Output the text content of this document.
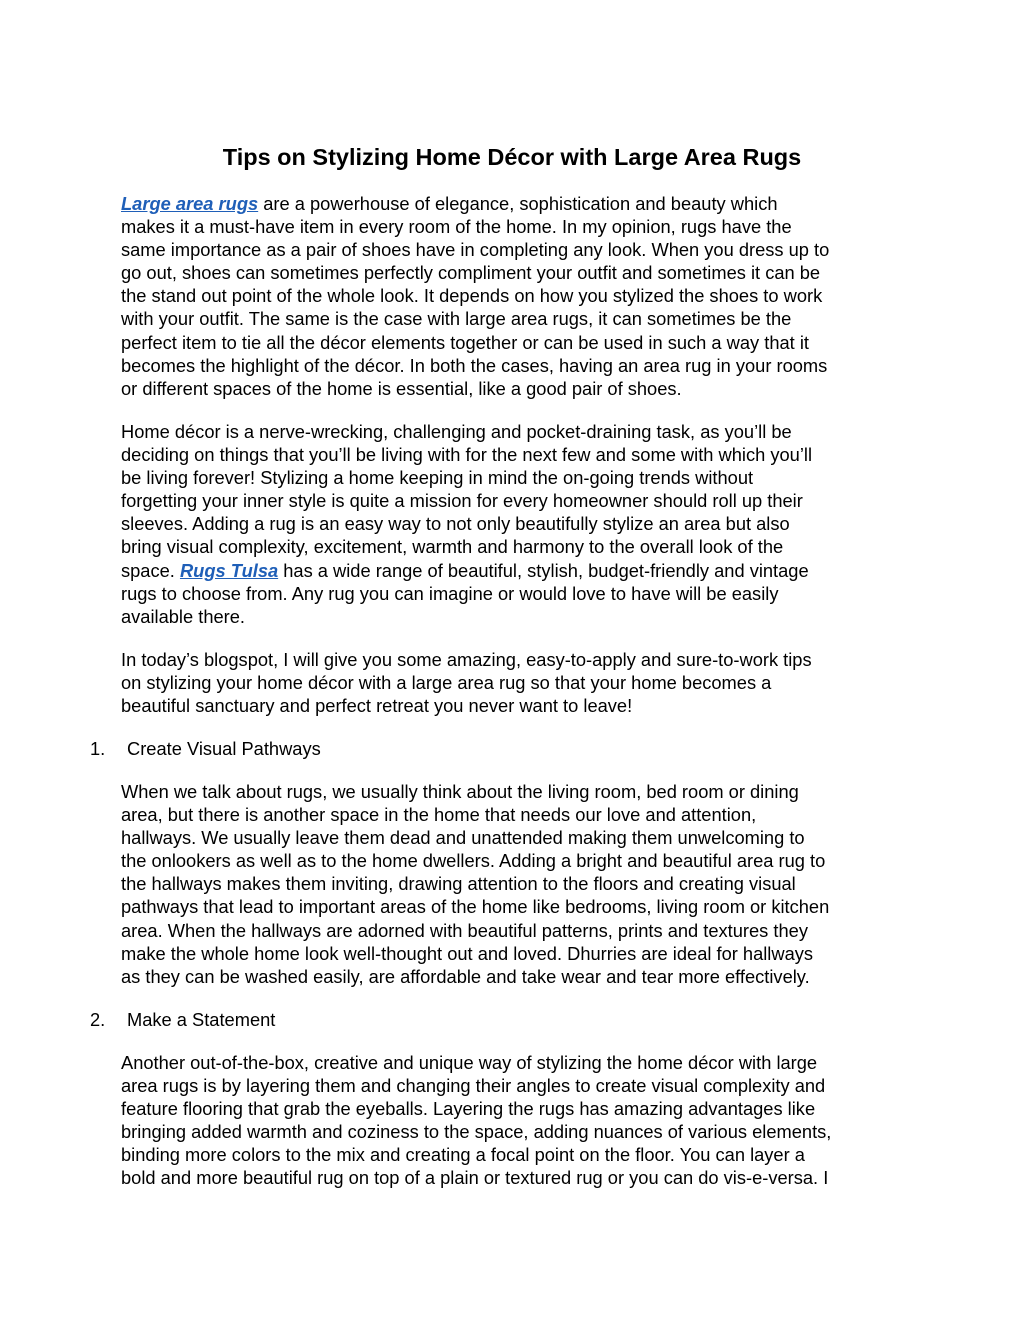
Tips on Stylizing Home Décor with Large Area Rugs
Large area rugs are a powerhouse of elegance, sophistication and beauty which
makes it a must-have item in every room of the home. In my opinion, rugs have the
same importance as a pair of shoes have in completing any look. When you dress up to
go out, shoes can sometimes perfectly compliment your outfit and sometimes it can be
the stand out point of the whole look. It depends on how you stylized the shoes to work
with your outfit. The same is the case with large area rugs, it can sometimes be the
perfect item to tie all the décor elements together or can be used in such a way that it
becomes the highlight of the décor. In both the cases, having an area rug in your rooms
or different spaces of the home is essential, like a good pair of shoes.
Home décor is a nerve-wrecking, challenging and pocket-draining task, as you’ll be
deciding on things that you’ll be living with for the next few and some with which you’ll
be living forever! Stylizing a home keeping in mind the on-going trends without
forgetting your inner style is quite a mission for every homeowner should roll up their
sleeves. Adding a rug is an easy way to not only beautifully stylize an area but also
bring visual complexity, excitement, warmth and harmony to the overall look of the
space. Rugs Tulsa has a wide range of beautiful, stylish, budget-friendly and vintage
rugs to choose from. Any rug you can imagine or would love to have will be easily
available there.
In today’s blogspot, I will give you some amazing, easy-to-apply and sure-to-work tips
on stylizing your home décor with a large area rug so that your home becomes a
beautiful sanctuary and perfect retreat you never want to leave!
1. Create Visual Pathways
When we talk about rugs, we usually think about the living room, bed room or dining
area, but there is another space in the home that needs our love and attention,
hallways. We usually leave them dead and unattended making them unwelcoming to
the onlookers as well as to the home dwellers. Adding a bright and beautiful area rug to
the hallways makes them inviting, drawing attention to the floors and creating visual
pathways that lead to important areas of the home like bedrooms, living room or kitchen
area. When the hallways are adorned with beautiful patterns, prints and textures they
make the whole home look well-thought out and loved. Dhurries are ideal for hallways
as they can be washed easily, are affordable and take wear and tear more effectively.
2. Make a Statement
Another out-of-the-box, creative and unique way of stylizing the home décor with large
area rugs is by layering them and changing their angles to create visual complexity and
feature flooring that grab the eyeballs. Layering the rugs has amazing advantages like
bringing added warmth and coziness to the space, adding nuances of various elements,
binding more colors to the mix and creating a focal point on the floor. You can layer a
bold and more beautiful rug on top of a plain or textured rug or you can do vis-e-versa. I
